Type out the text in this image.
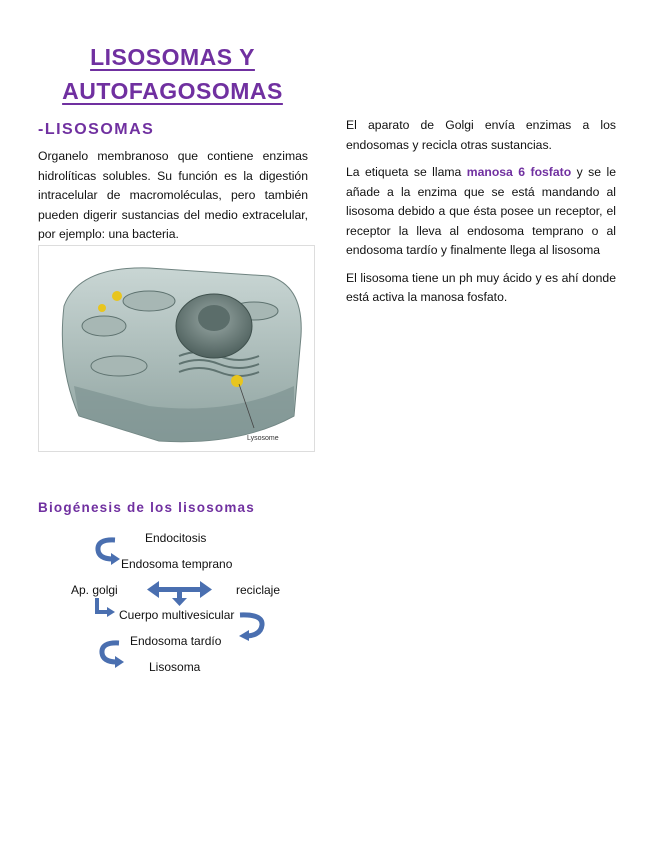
LISOSOMAS Y
AUTOFAGOSOMAS
-LISOSOMAS
Organelo membranoso que contiene enzimas hidrolíticas solubles. Su función es la digestión intracelular de macromoléculas, pero también pueden digerir sustancias del medio extracelular, por ejemplo: una bacteria.
Lysosome

El aparato de Golgi envía enzimas a los endosomas y recicla otras sustancias.

La etiqueta se llama manosa 6 fosfato y se le añade a la enzima que se está mandando al lisosoma debido a que ésta posee un receptor, el receptor la lleva al endosoma temprano o al endosoma tardío y finalmente llega al lisosoma

El lisosoma tiene un ph muy ácido y es ahí donde está activa la manosa fosfato.

Biogénesis de los lisosomas
Endocitosis
Endosoma temprano
Ap. golgi	reciclaje
Cuerpo multivesicular
Endosoma tardío
Lisosoma
